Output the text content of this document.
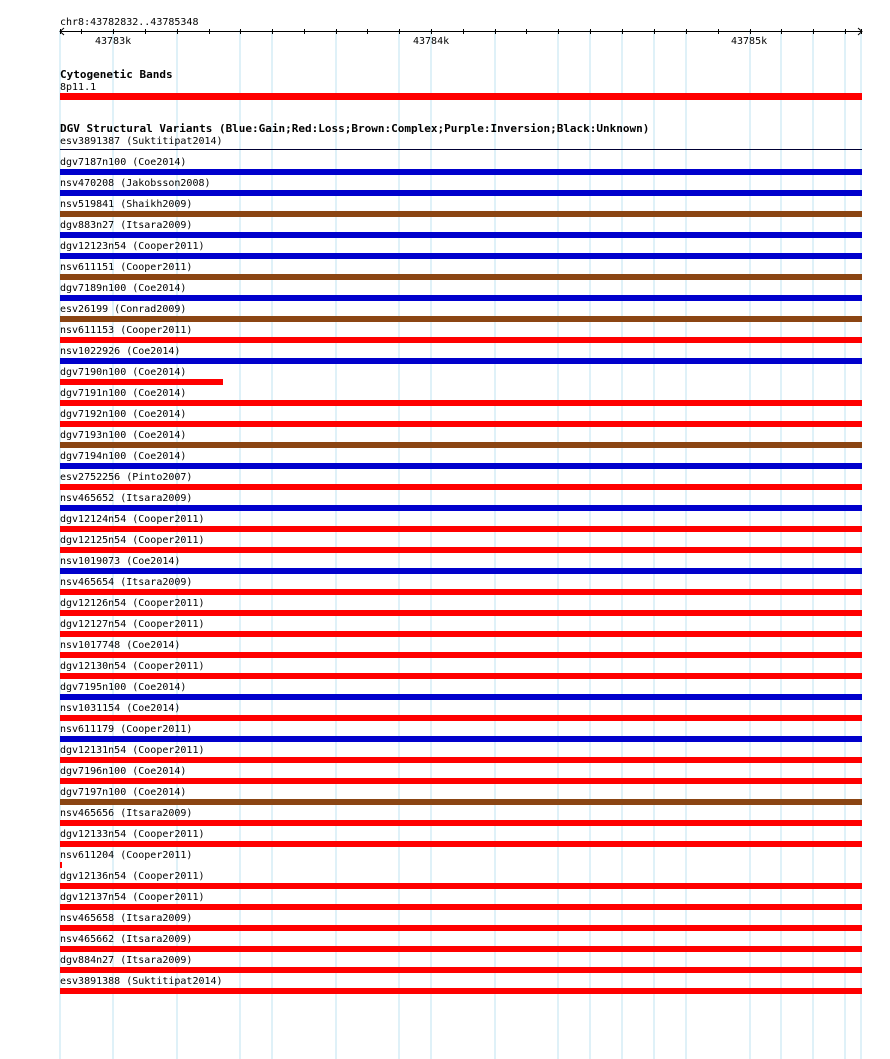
chr8:43782832..43785348
43783k	43784k	43785k
Cytogenetic Bands
8p11.1
DGV Structural Variants (Blue:Gain;Red:Loss;Brown:Complex;Purple:Inversion;Black:Unknown)
esv3891387 (Suktitipat2014)
dgv7187n100 (Coe2014)
nsv470208 (Jakobsson2008)
nsv519841 (Shaikh2009)
dgv883n27 (Itsara2009)
dgv12123n54 (Cooper2011)
nsv611151 (Cooper2011)
dgv7189n100 (Coe2014)
esv26199 (Conrad2009)
nsv611153 (Cooper2011)
nsv1022926 (Coe2014)
dgv7190n100 (Coe2014)
dgv7191n100 (Coe2014)
dgv7192n100 (Coe2014)
dgv7193n100 (Coe2014)
dgv7194n100 (Coe2014)
esv2752256 (Pinto2007)
nsv465652 (Itsara2009)
dgv12124n54 (Cooper2011)
dgv12125n54 (Cooper2011)
nsv1019073 (Coe2014)
nsv465654 (Itsara2009)
dgv12126n54 (Cooper2011)
dgv12127n54 (Cooper2011)
nsv1017748 (Coe2014)
dgv12130n54 (Cooper2011)
dgv7195n100 (Coe2014)
nsv1031154 (Coe2014)
nsv611179 (Cooper2011)
dgv12131n54 (Cooper2011)
dgv7196n100 (Coe2014)
dgv7197n100 (Coe2014)
nsv465656 (Itsara2009)
dgv12133n54 (Cooper2011)
nsv611204 (Cooper2011)
dgv12136n54 (Cooper2011)
dgv12137n54 (Cooper2011)
nsv465658 (Itsara2009)
nsv465662 (Itsara2009)
dgv884n27 (Itsara2009)
esv3891388 (Suktitipat2014)
